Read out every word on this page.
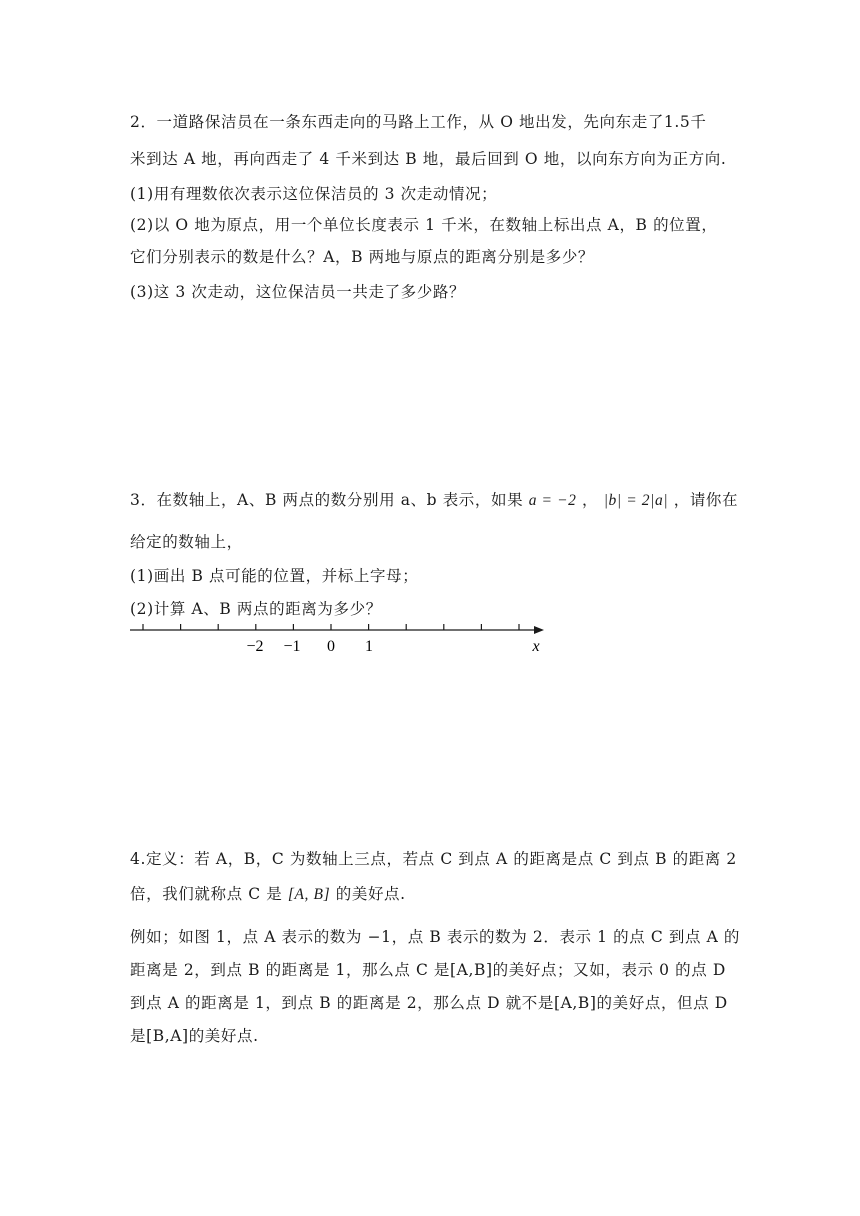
2．一道路保洁员在一条东西走向的马路上工作，从 O 地出发，先向东走了1.5千
米到达 A 地，再向西走了 4 千米到达 B 地，最后回到 O 地，以向东方向为正方向.
(1)用有理数依次表示这位保洁员的 3 次走动情况；
(2)以 O 地为原点，用一个单位长度表示 1 千米，在数轴上标出点 A，B 的位置，
它们分别表示的数是什么？A，B 两地与原点的距离分别是多少？
(3)这 3 次走动，这位保洁员一共走了多少路？
3．在数轴上，A、B 两点的数分别用 a、b 表示，如果 a = −2 ， |b| = 2|a| ，请你在
给定的数轴上，
(1)画出 B 点可能的位置，并标上字母；
(2)计算 A、B 两点的距离为多少？
−2 −1 0 1	x
4.定义：若 A，B，C 为数轴上三点，若点 C 到点 A 的距离是点 C 到点 B 的距离 2
倍，我们就称点 C 是 [A, B] 的美好点.
例如；如图 1，点 A 表示的数为 −1，点 B 表示的数为 2．表示 1 的点 C 到点 A 的
距离是 2，到点 B 的距离是 1，那么点 C 是[A,B]的美好点；又如，表示 0 的点 D
到点 A 的距离是 1，到点 B 的距离是 2，那么点 D 就不是[A,B]的美好点，但点 D
是[B,A]的美好点.
